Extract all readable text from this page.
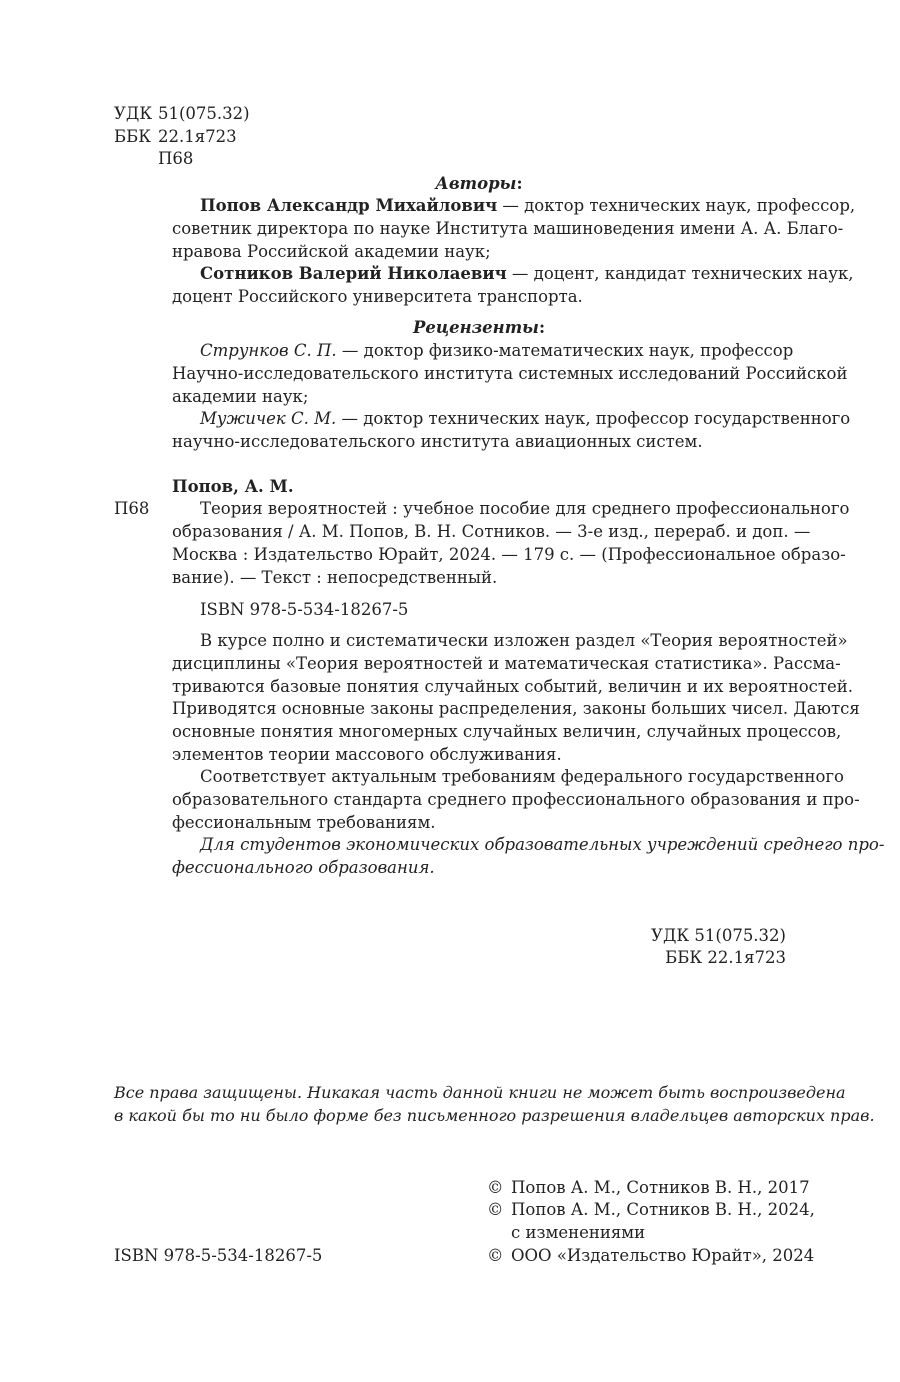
УДК 51(075.32)
ББК 22.1я723
П68
Авторы:
Попов Александр Михайлович — доктор технических наук, профессор,
советник директора по науке Института машиноведения имени А. А. Благо-
нравова Российской академии наук;
Сотников Валерий Николаевич — доцент, кандидат технических наук,
доцент Российского университета транспорта.
Рецензенты:
Струнков С. П. — доктор физико-математических наук, профессор
Научно-исследовательского института системных исследований Российской
академии наук;
Мужичек С. М. — доктор технических наук, профессор государственного
научно-исследовательского института авиационных систем.
Попов, А. М.
П68	Теория вероятностей : учебное пособие для среднего профессионального
образования / А. М. Попов, В. Н. Сотников. — 3-е изд., перераб. и доп. —
Москва : Издательство Юрайт, 2024. — 179 с. — (Профессиональное образо-
вание). — Текст : непосредственный.
ISBN 978-5-534-18267-5
В курсе полно и систематически изложен раздел «Теория вероятностей»
дисциплины «Теория вероятностей и математическая статистика». Рассма-
триваются базовые понятия случайных событий, величин и их вероятностей.
Приводятся основные законы распределения, законы больших чисел. Даются
основные понятия многомерных случайных величин, случайных процессов,
элементов теории массового обслуживания.
Соответствует актуальным требованиям федерального государственного
образовательного стандарта среднего профессионального образования и про-
фессиональным требованиям.
Для студентов экономических образовательных учреждений среднего про-
фессионального образования.
УДК 51(075.32)
ББК 22.1я723
Все права защищены. Никакая часть данной книги не может быть воспроизведена
в какой бы то ни было форме без письменного разрешения владельцев авторских прав.
© Попов А. М., Сотников В. Н., 2017
© Попов А. М., Сотников В. Н., 2024,
с изменениями
ISBN 978-5-534-18267-5	© ООО «Издательство Юрайт», 2024
